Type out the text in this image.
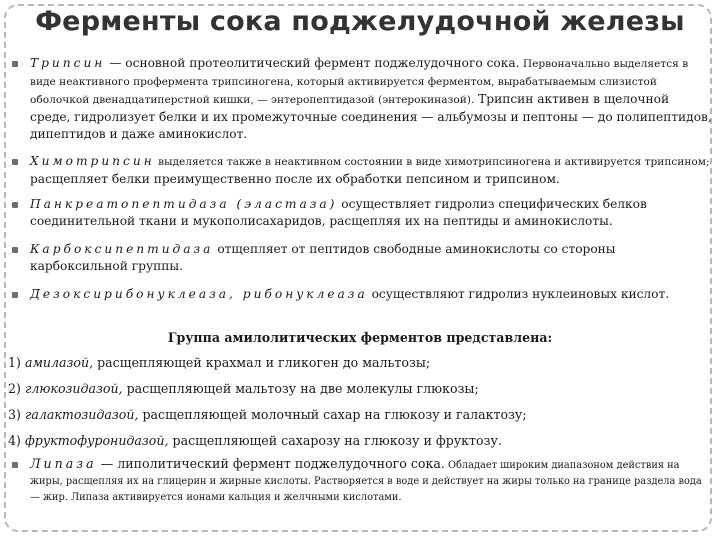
Ферменты сока поджелудочной железы
Трипсин — основной протеолитический фермент поджелудочного сока. Первоначально выделяется в виде неактивного профермента трипсиногена, который активируется ферментом, вырабатываемым слизистой оболочкой двенадцатиперстной кишки, — энтеропептидазой (энтерокиназой). Трипсин активен в щелочной среде, гидролизует белки и их промежуточные соединения — альбумозы и пептоны — до полипептидов, дипептидов и даже аминокислот.
Химотрипсин выделяется также в неактивном состоянии в виде химотрипсиногена и активируется трипсином; расщепляет белки преимущественно после их обработки пепсином и трипсином.
Панкреатопептидаза (эластаза) осуществляет гидролиз специфических белков соединительной ткани и мукополисахаридов, расщепляя их на пептиды и аминокислоты.
Карбоксипептидаза отщепляет от пептидов свободные аминокислоты со стороны карбоксильной группы.
Дезоксирибонуклеаза, рибонуклеаза осуществляют гидролиз нуклеиновых кислот.
Группа амилолитических ферментов представлена:
1) амилазой, расщепляющей крахмал и гликоген до мальтозы;
2) глюкозидазой, расщепляющей мальтозу на две молекулы глюкозы;
3) галактозидазой, расщепляющей молочный сахар на глюкозу и галактозу;
4) фруктофуронидазой, расщепляющей сахарозу на глюкозу и фруктозу.
Липаза — липолитический фермент поджелудочного сока. Обладает широким диапазоном действия на жиры, расщепляя их на глицерин и жирные кислоты. Растворяется в воде и действует на жиры только на границе раздела вода — жир. Липаза активируется ионами кальция и желчными кислотами.
